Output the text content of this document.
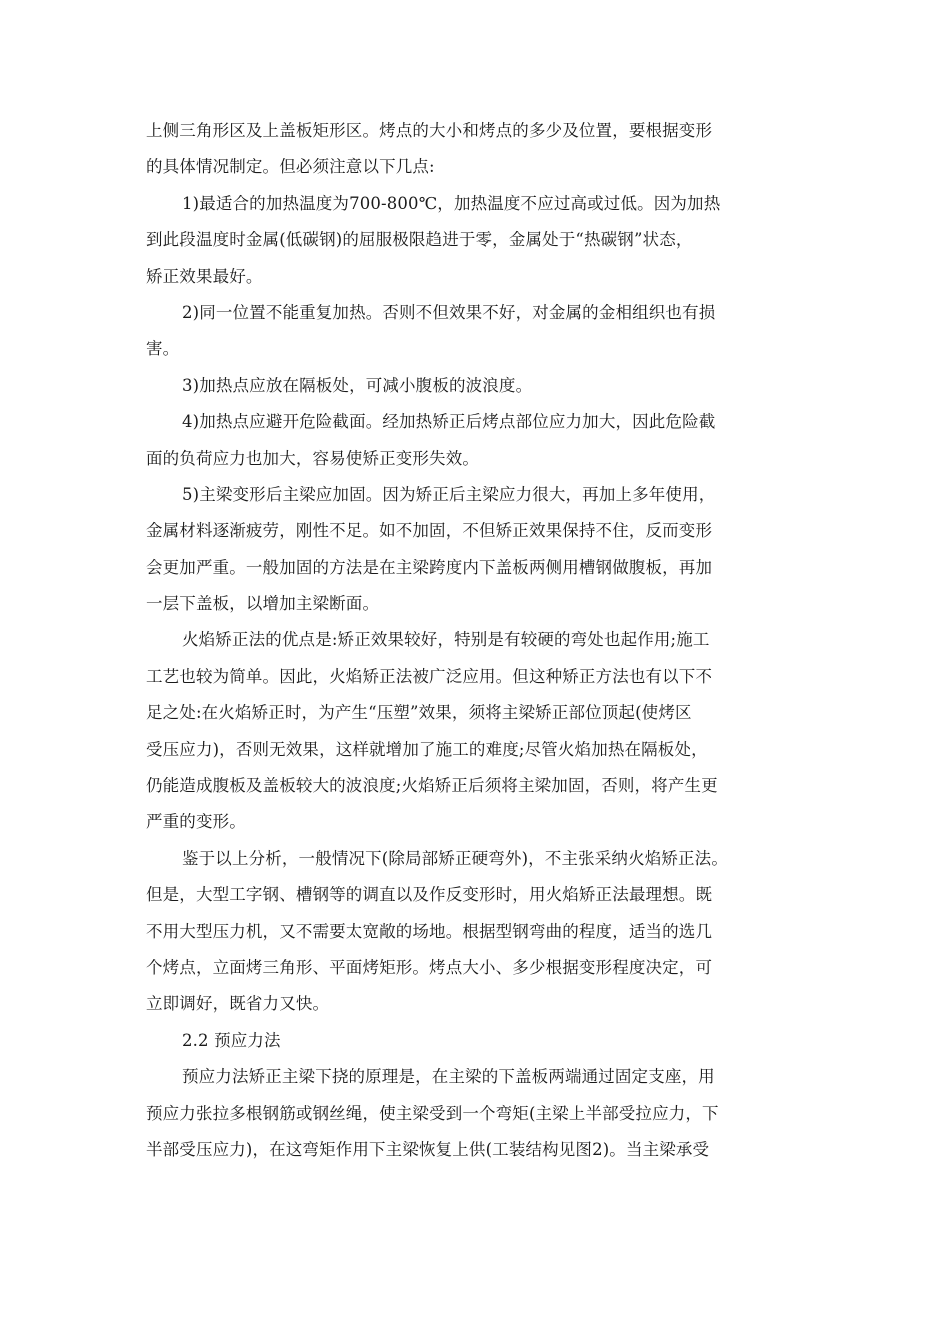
上侧三角形区及上盖板矩形区。烤点的大小和烤点的多少及位置，要根据变形
的具体情况制定。但必须注意以下几点:
1)最适合的加热温度为700-800℃，加热温度不应过高或过低。因为加热
到此段温度时金属(低碳钢)的屈服极限趋进于零，金属处于“热碳钢”状态，
矫正效果最好。
2)同一位置不能重复加热。否则不但效果不好，对金属的金相组织也有损
害。
3)加热点应放在隔板处，可减小腹板的波浪度。
4)加热点应避开危险截面。经加热矫正后烤点部位应力加大，因此危险截
面的负荷应力也加大，容易使矫正变形失效。
5)主梁变形后主梁应加固。因为矫正后主梁应力很大，再加上多年使用，
金属材料逐渐疲劳，刚性不足。如不加固，不但矫正效果保持不住，反而变形
会更加严重。一般加固的方法是在主梁跨度内下盖板两侧用槽钢做腹板，再加
一层下盖板，以增加主梁断面。
火焰矫正法的优点是:矫正效果较好，特别是有较硬的弯处也起作用;施工
工艺也较为简单。因此，火焰矫正法被广泛应用。但这种矫正方法也有以下不
足之处:在火焰矫正时，为产生“压塑”效果，须将主梁矫正部位顶起(使烤区
受压应力)，否则无效果，这样就增加了施工的难度;尽管火焰加热在隔板处，
仍能造成腹板及盖板较大的波浪度;火焰矫正后须将主梁加固，否则，将产生更
严重的变形。
鉴于以上分析，一般情况下(除局部矫正硬弯外)，不主张采纳火焰矫正法。
但是，大型工字钢、槽钢等的调直以及作反变形时，用火焰矫正法最理想。既
不用大型压力机，又不需要太宽敞的场地。根据型钢弯曲的程度，适当的选几
个烤点，立面烤三角形、平面烤矩形。烤点大小、多少根据变形程度决定，可
立即调好，既省力又快。
2.2 预应力法
预应力法矫正主梁下挠的原理是，在主梁的下盖板两端通过固定支座，用
预应力张拉多根钢筋或钢丝绳，使主梁受到一个弯矩(主梁上半部受拉应力，下
半部受压应力)，在这弯矩作用下主梁恢复上供(工装结构见图2)。当主梁承受
